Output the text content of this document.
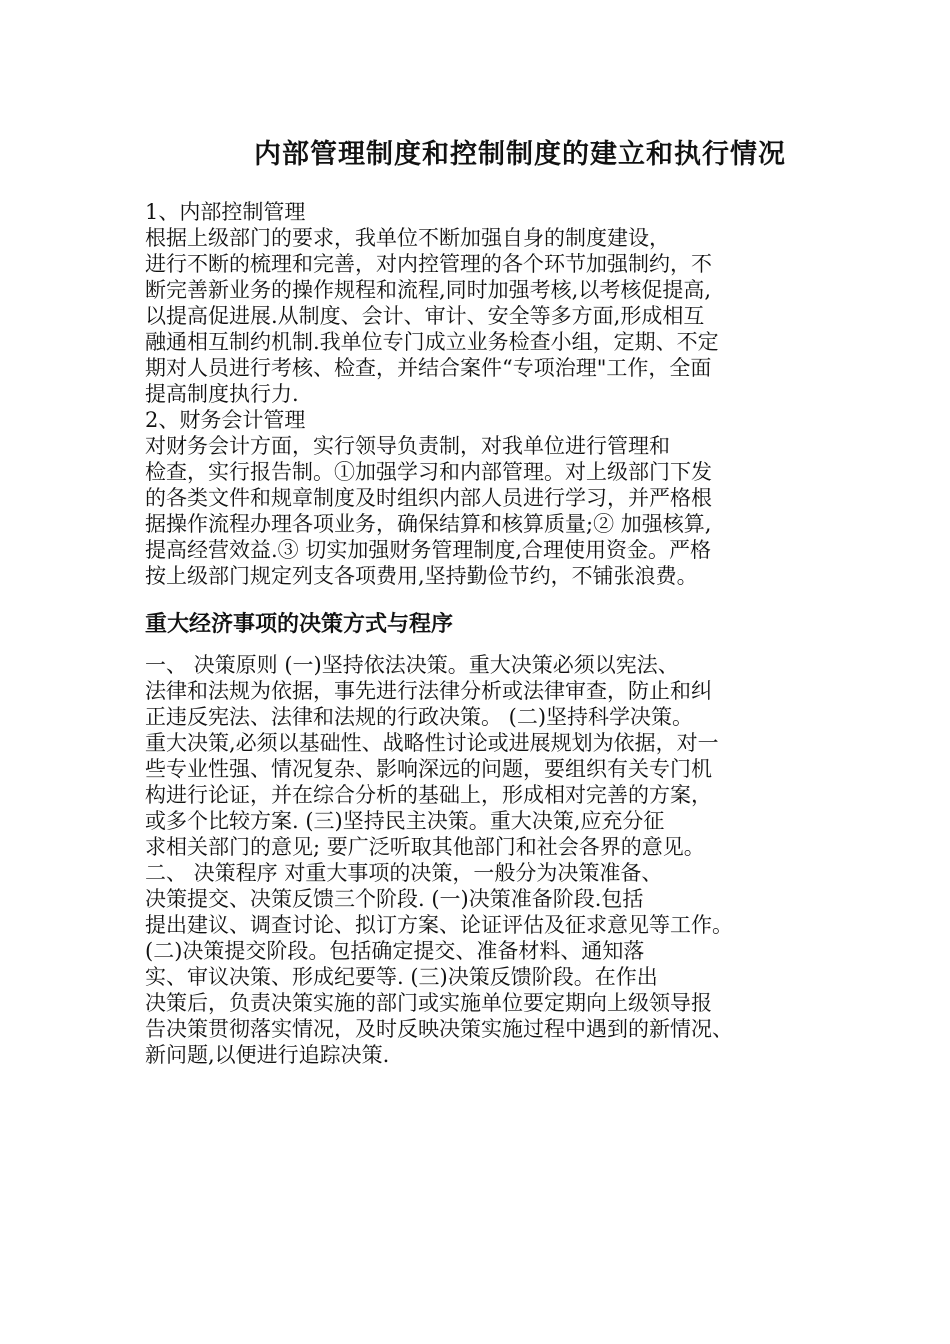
内部管理制度和控制制度的建立和执行情况
1、内部控制管理
根据上级部门的要求，我单位不断加强自身的制度建设，
进行不断的梳理和完善，对内控管理的各个环节加强制约，不
断完善新业务的操作规程和流程,同时加强考核,以考核促提高,
以提高促进展.从制度、会计、审计、安全等多方面,形成相互
融通相互制约机制.我单位专门成立业务检查小组，定期、不定
期对人员进行考核、检查，并结合案件“专项治理"工作，全面
提高制度执行力.
2、财务会计管理
对财务会计方面，实行领导负责制，对我单位进行管理和
检查，实行报告制。①加强学习和内部管理。对上级部门下发
的各类文件和规章制度及时组织内部人员进行学习，并严格根
据操作流程办理各项业务，确保结算和核算质量;② 加强核算,
提高经营效益.③ 切实加强财务管理制度,合理使用资金。严格
按上级部门规定列支各项费用,坚持勤俭节约，不铺张浪费。
重大经济事项的决策方式与程序
一、 决策原则 (一)坚持依法决策。重大决策必须以宪法、
法律和法规为依据，事先进行法律分析或法律审查，防止和纠
正违反宪法、法律和法规的行政决策。 (二)坚持科学决策。
重大决策,必须以基础性、战略性讨论或进展规划为依据，对一
些专业性强、情况复杂、影响深远的问题，要组织有关专门机
构进行论证，并在综合分析的基础上，形成相对完善的方案，
或多个比较方案. (三)坚持民主决策。重大决策,应充分征
求相关部门的意见; 要广泛听取其他部门和社会各界的意见。
二、 决策程序 对重大事项的决策，一般分为决策准备、
决策提交、决策反馈三个阶段. (一)决策准备阶段.包括
提出建议、调查讨论、拟订方案、论证评估及征求意见等工作。
(二)决策提交阶段。包括确定提交、准备材料、通知落
实、审议决策、形成纪要等. (三)决策反馈阶段。在作出
决策后，负责决策实施的部门或实施单位要定期向上级领导报
告决策贯彻落实情况，及时反映决策实施过程中遇到的新情况、
新问题,以便进行追踪决策.
